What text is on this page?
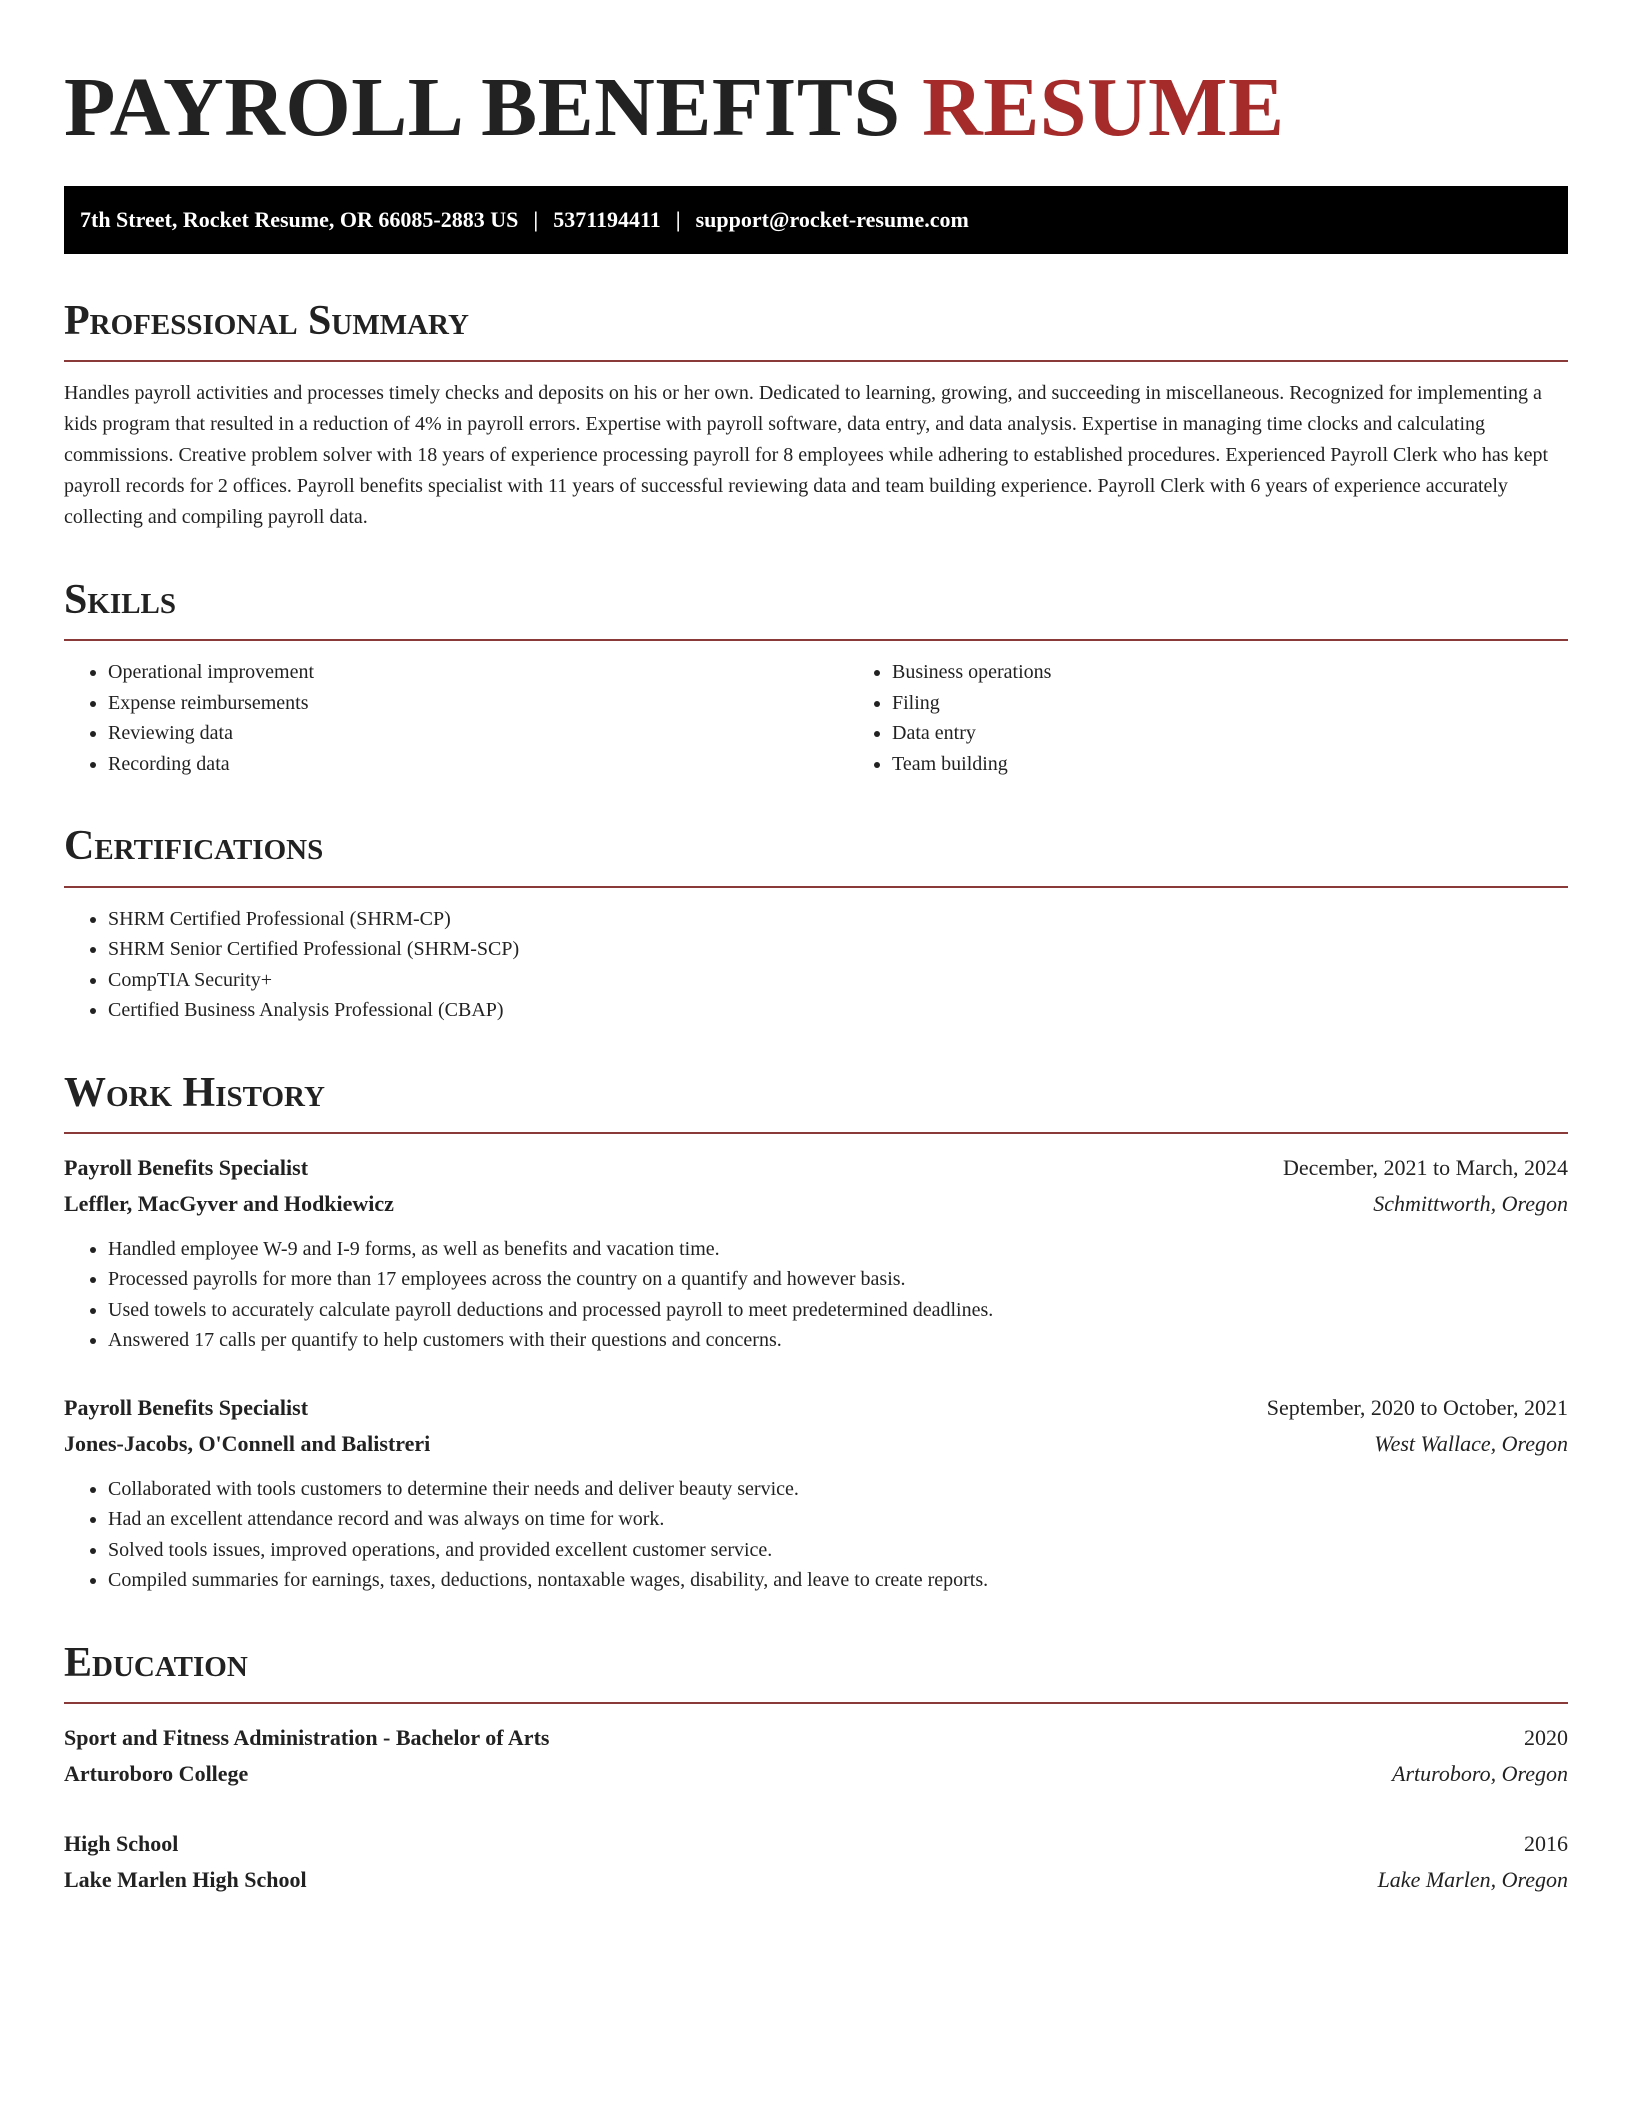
PAYROLL BENEFITS RESUME
7th Street, Rocket Resume, OR 66085-2883 US | 5371194411 | support@rocket-resume.com
Professional Summary

Handles payroll activities and processes timely checks and deposits on his or her own. Dedicated to learning, growing, and succeeding in miscellaneous. Recognized for implementing a kids program that resulted in a reduction of 4% in payroll errors. Expertise with payroll software, data entry, and data analysis. Expertise in managing time clocks and calculating commissions. Creative problem solver with 18 years of experience processing payroll for 8 employees while adhering to established procedures. Experienced Payroll Clerk who has kept payroll records for 2 offices. Payroll benefits specialist with 11 years of successful reviewing data and team building experience. Payroll Clerk with 6 years of experience accurately collecting and compiling payroll data.

Skills
• Operational improvement
• Expense reimbursements
• Reviewing data
• Recording data
• Business operations
• Filing
• Data entry
• Team building
Certifications
• SHRM Certified Professional (SHRM-CP)
• SHRM Senior Certified Professional (SHRM-SCP)
• CompTIA Security+
• Certified Business Analysis Professional (CBAP)
Work History
Payroll Benefits Specialist	December, 2021 to March, 2024
Leffler, MacGyver and Hodkiewicz	Schmittworth, Oregon
• Handled employee W-9 and I-9 forms, as well as benefits and vacation time.
• Processed payrolls for more than 17 employees across the country on a quantify and however basis.
• Used towels to accurately calculate payroll deductions and processed payroll to meet predetermined deadlines.
• Answered 17 calls per quantify to help customers with their questions and concerns.
Payroll Benefits Specialist	September, 2020 to October, 2021
Jones-Jacobs, O'Connell and Balistreri	West Wallace, Oregon
• Collaborated with tools customers to determine their needs and deliver beauty service.
• Had an excellent attendance record and was always on time for work.
• Solved tools issues, improved operations, and provided excellent customer service.
• Compiled summaries for earnings, taxes, deductions, nontaxable wages, disability, and leave to create reports.
Education
Sport and Fitness Administration - Bachelor of Arts	2020
Arturoboro College	Arturoboro, Oregon
High School	2016
Lake Marlen High School	Lake Marlen, Oregon
